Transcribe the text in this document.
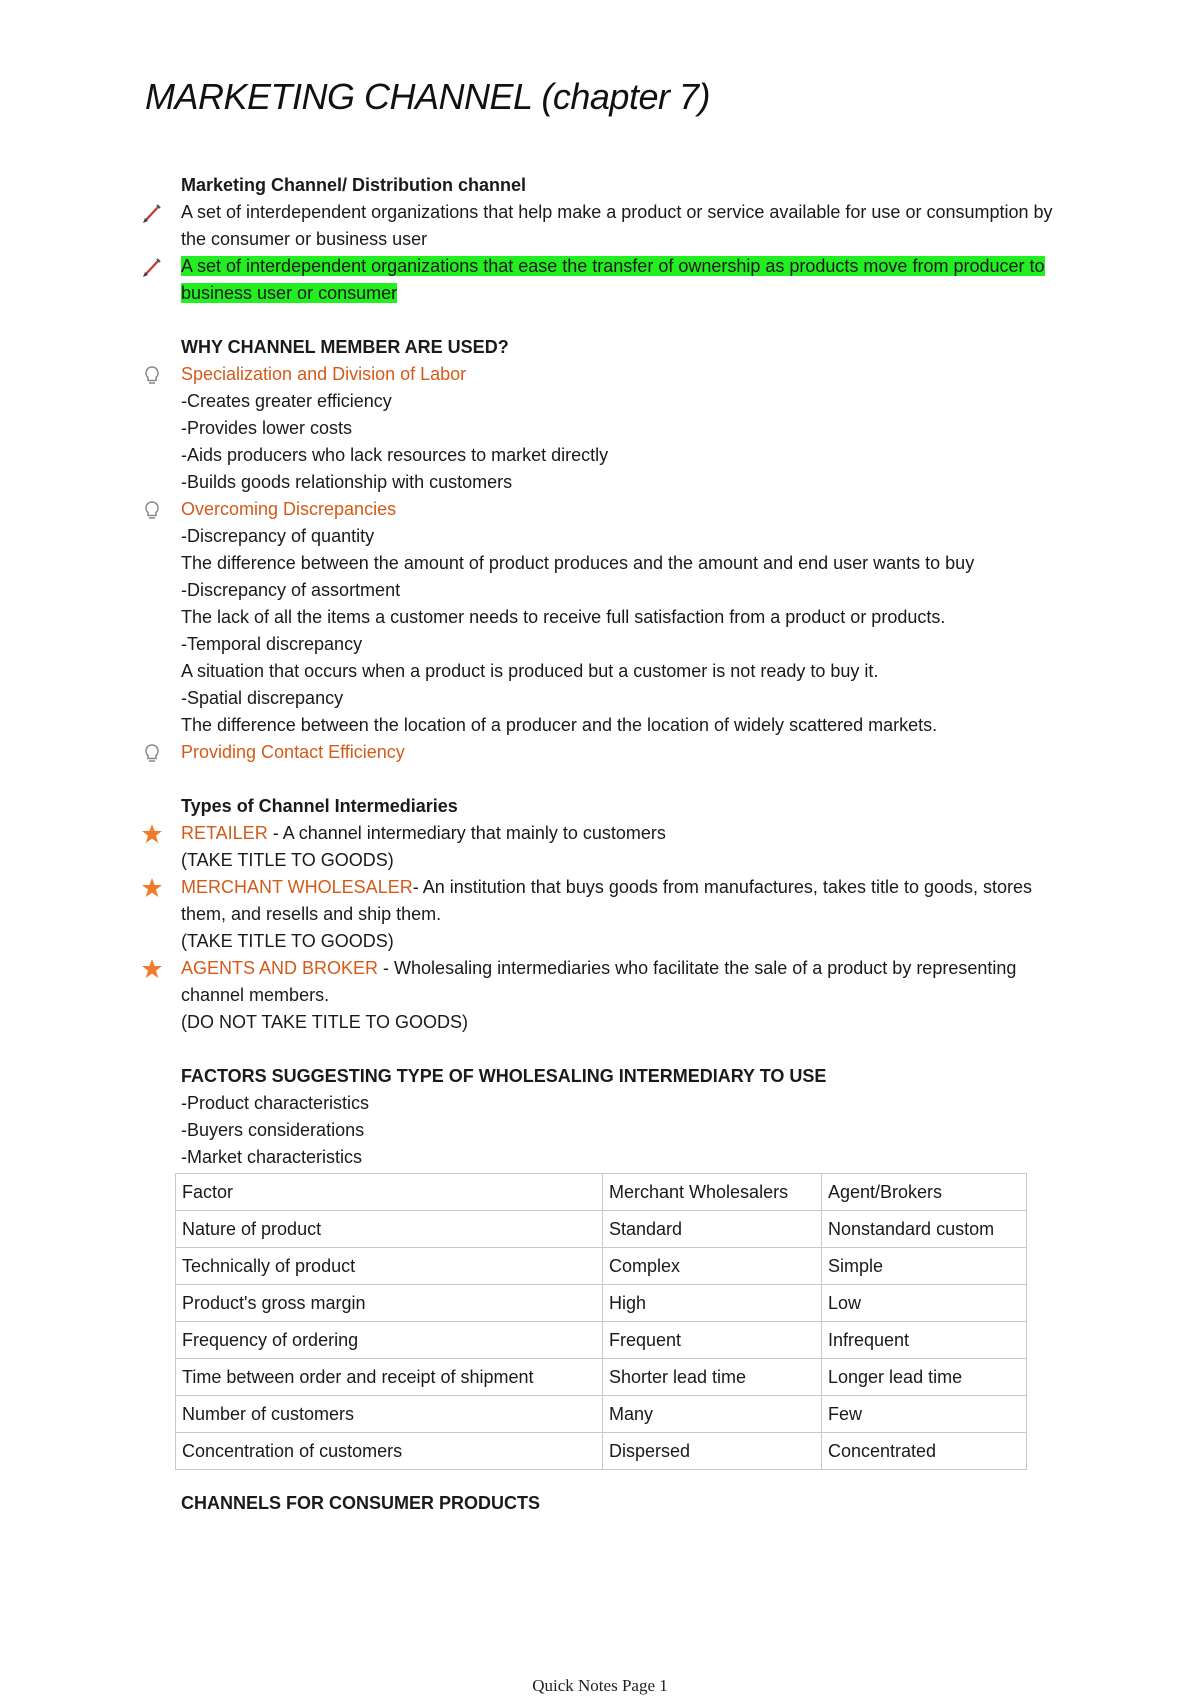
MARKETING CHANNEL (chapter 7)
Marketing Channel/ Distribution channel
A set of interdependent organizations that help make a product or service available for use or consumption by the consumer or business user
A set of interdependent organizations that ease the transfer of ownership as products move from producer to business user or consumer
WHY CHANNEL MEMBER ARE USED?
Specialization and Division of Labor
-Creates greater efficiency
-Provides lower costs
-Aids producers who lack resources to market directly
-Builds goods relationship with customers
Overcoming Discrepancies
-Discrepancy of quantity
The difference between the amount of product produces and the amount and end user wants to buy
-Discrepancy of assortment
The lack of all the items a customer needs to receive full satisfaction from a product or products.
-Temporal discrepancy
A situation that occurs when a product is produced but a customer is not ready to buy it.
-Spatial discrepancy
The difference between the location of a producer and the location of widely scattered markets.
Providing Contact Efficiency
Types of Channel Intermediaries
RETAILER - A channel intermediary that mainly to customers
(TAKE TITLE TO GOODS)
MERCHANT WHOLESALER- An institution that buys goods from manufactures, takes title to goods, stores them, and resells and ship them.
(TAKE TITLE TO GOODS)
AGENTS AND BROKER - Wholesaling intermediaries who facilitate the sale of a product by representing channel members.
(DO NOT TAKE TITLE TO GOODS)
FACTORS SUGGESTING TYPE OF WHOLESALING INTERMEDIARY TO USE
-Product characteristics
-Buyers considerations
-Market characteristics
Factor	Merchant Wholesalers	Agent/Brokers
Nature of product	Standard	Nonstandard custom
Technically of product	Complex	Simple
Product's gross margin	High	Low
Frequency of ordering	Frequent	Infrequent
Time between order and receipt of shipment	Shorter lead time	Longer lead time
Number of customers	Many	Few
Concentration of customers	Dispersed	Concentrated
CHANNELS FOR CONSUMER PRODUCTS
Quick Notes Page 1
